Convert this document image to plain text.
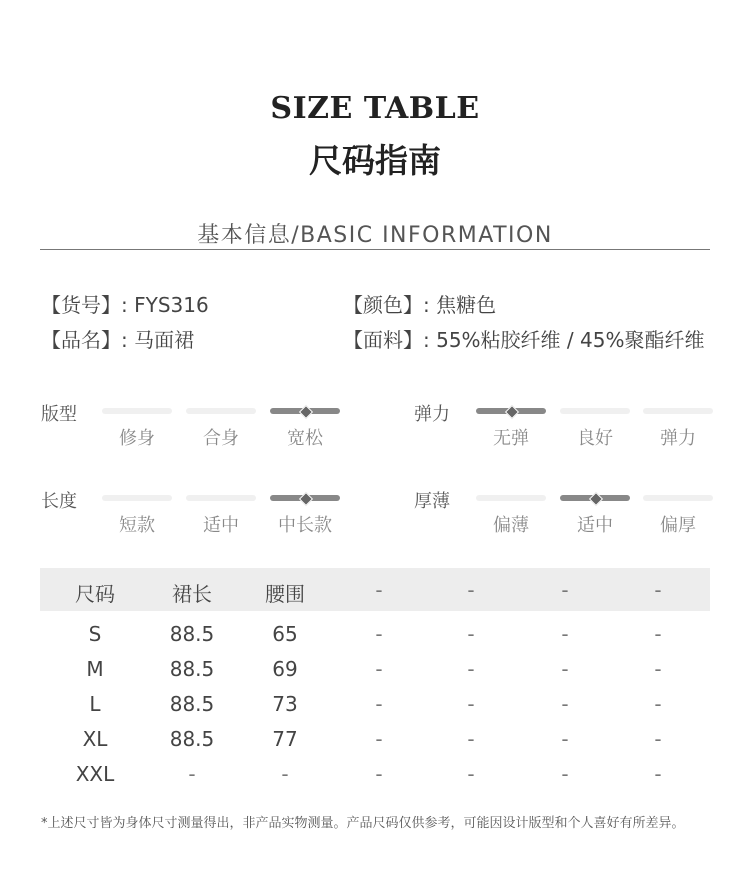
SIZE TABLE
尺码指南
基本信息/BASIC INFORMATION
【货号】: FYS316	【颜色】: 焦糖色
【品名】: 马面裙	【面料】: 55%粘胶纤维 / 45%聚酯纤维
版型
修身	合身	宽松
弹力
无弹	良好	弹力
长度
短款	适中	中长款
厚薄
偏薄	适中	偏厚
尺码	裙长	腰围	-	-	-	-
S	88.5	65	-	-	-	-
M	88.5	69	-	-	-	-
L	88.5	73	-	-	-	-
XL	88.5	77	-	-	-	-
XXL	-	-	-	-	-	-
*上述尺寸皆为身体尺寸测量得出，非产品实物测量。产品尺码仅供参考，可能因设计版型和个人喜好有所差异。
